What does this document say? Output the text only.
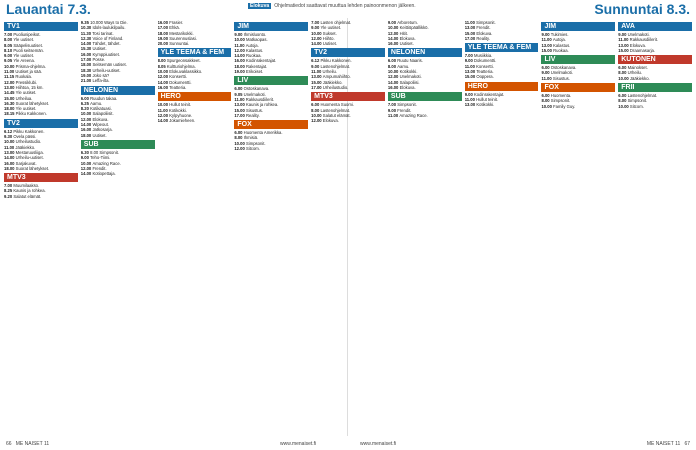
Lauantai 7.3.	Elokuva	Ohjelmatiedot saattavat muuttua lehden painoonmenon jälkeen.	Sunnuntai 8.3.
TV1
7.00 Puoliunipeikot.
8.00 Yle uutiset.
8.05 Sääpelisuutiset.
8.10 Puoli seitsemän.
9.00 Yle uutiset.
9.05 Yle Areena.
10.00 Prisma-ohjelma.
11.00 Uutiset ja sää.
11.15 Ruokala.
12.00 Pressiklubi.
13.00 Hiihtoa, 15 km.
14.45 Yle uutiset.
15.00 Urheilua.
16.30 Suorat lähetykset.
18.00 Yle uutiset.
18.15 Pikku Kakkonen.
TV2
6.12 Pikku Kakkonen.
9.30 Ovela pässi.
10.00 Urheilustudio.
11.00 Jääkiekko.
13.00 Mestaruusliiga.
14.00 Urheilu-uutiset.
16.00 Sarjakuvat.
18.00 Suorat lähetykset.
MTV3
7.00 Muumilaakso.
8.25 Kaunis ja rohkea.
9.20 Salatut elämät.
9.35 10.000 Ways to Die.
10.30 Idols-laulukilpailu.
11.30 Tosi tarinat.
12.30 Voice of Finland.
14.00 Tähdet, tähdet.
15.30 Uutiset.
16.00 Kymppiuutiset.
17.00 Posse.
18.00 Seitsemän uutiset.
18.30 Urheilu-uutiset.
19.00 Joko sä?
21.00 Leffa-ilta.
NELONEN
6.00 Ruudun takaa.
6.25 Aamu.
8.20 Kotikatuasi.
10.00 Salapoliisit.
12.00 Elokuva.
14.00 Wipeout.
16.00 Jatkosarja.
18.00 Uutiset.
SUB
6.30 8.00 Simpsonit.
9.00 Teho-Tiimi.
10.00 Amazing Race.
12.00 Frendit.
14.00 Kotiopettaja.
16.00 Frasier.
17.00 Ehkä.
18.00 Mestarikokki.
19.00 Suurennuslasi.
20.00 Sunnuntai.
YLE TEEMA & FEM
8.00 Spurgeonsakkeet.
8.05 Kultturiohjelma.
10.00 Elokuvaklassikko.
12.00 Konsertti.
14.00 Dokumentti.
16.00 Teatteria.
HERO
10.00 Hullut teinit.
11.00 Kotikokki.
12.00 Kylpyhuone.
14.00 Jokamieheen.
JIM
9.00 Ihmisluonto.
10.00 Matkaopas.
11.00 Autoja.
12.00 Kalastus.
14.00 Ruokaa.
16.00 Kodinrakentajat.
18.00 Rakentajat.
19.00 Erikoiset.
LIV
6.00 Ostoskanava.
9.05 Unelmakoti.
11.00 Rakkausdiilerit.
13.00 Kaunis ja rohkea.
15.00 Sisustus.
17.00 Reality.
FOX
6.00 Huomenta Amerikka.
8.00 Ihmisiä.
10.00 Simpsonit.
12.00 Sitcom.
7.00 Lasten ohjelmat.
9.00 Yle uutiset.
10.00 Sukset.
12.00 Hiihto.
14.00 Uutiset.
TV2
6.12 Pikku Kakkonen.
9.00 Lastenohjelmat.
11.00 Urheilu.
13.00 Ampumahiihto.
15.00 Jääkiekko.
17.00 Urheilustudio.
MTV3
6.00 Huomenta Suomi.
8.00 Lastenohjelmat.
10.00 Salatut elämät.
12.00 Elokuva.
9.00 Arboretum.
10.00 Keittiöpäällikkö.
12.00 Hitit.
14.00 Elokuva.
16.00 Uutiset.
NELONEN
6.00 Ruutu Naaris.
8.00 Aamu.
10.00 Kotikokki.
12.00 Unelmakoti.
14.00 Salapoliisi.
16.00 Elokuva.
SUB
7.00 Simpsonit.
9.00 Frendit.
11.00 Amazing Race.
11.00 Simpsonit.
13.00 Frendit.
15.00 Elokuva.
17.00 Reality.
YLE TEEMA & FEM
7.00 Musiikkia.
9.00 Dokumentti.
11.00 Konsertti.
13.00 Teatteria.
15.00 Ooppera.
HERO
9.00 Kodinrakentajat.
11.00 Hullut teinit.
13.00 Kotikokki.
JIM
9.00 Tukimies.
11.00 Autoja.
13.00 Kalastus.
15.00 Ruokaa.
LIV
6.00 Ostoskanava.
9.00 Unelmakoti.
11.00 Sisustus.
FOX
6.00 Huomenta.
8.00 Simpsonit.
10.00 Family Guy.
AVA
9.00 Unelmakoti.
11.00 Rakkausdiilerit.
13.00 Elokuva.
15.00 Draamasarja.
KUTONEN
6.00 Mainokset.
8.00 Urheilu.
10.00 Jääkiekko.
FRII
6.00 Lastenohjelmat.
8.00 Simpsonit.
10.00 Sitcom.
66 ME NAISET 11	www.menaiset.fi	www.menaiset.fi	ME NAISET 11 67
